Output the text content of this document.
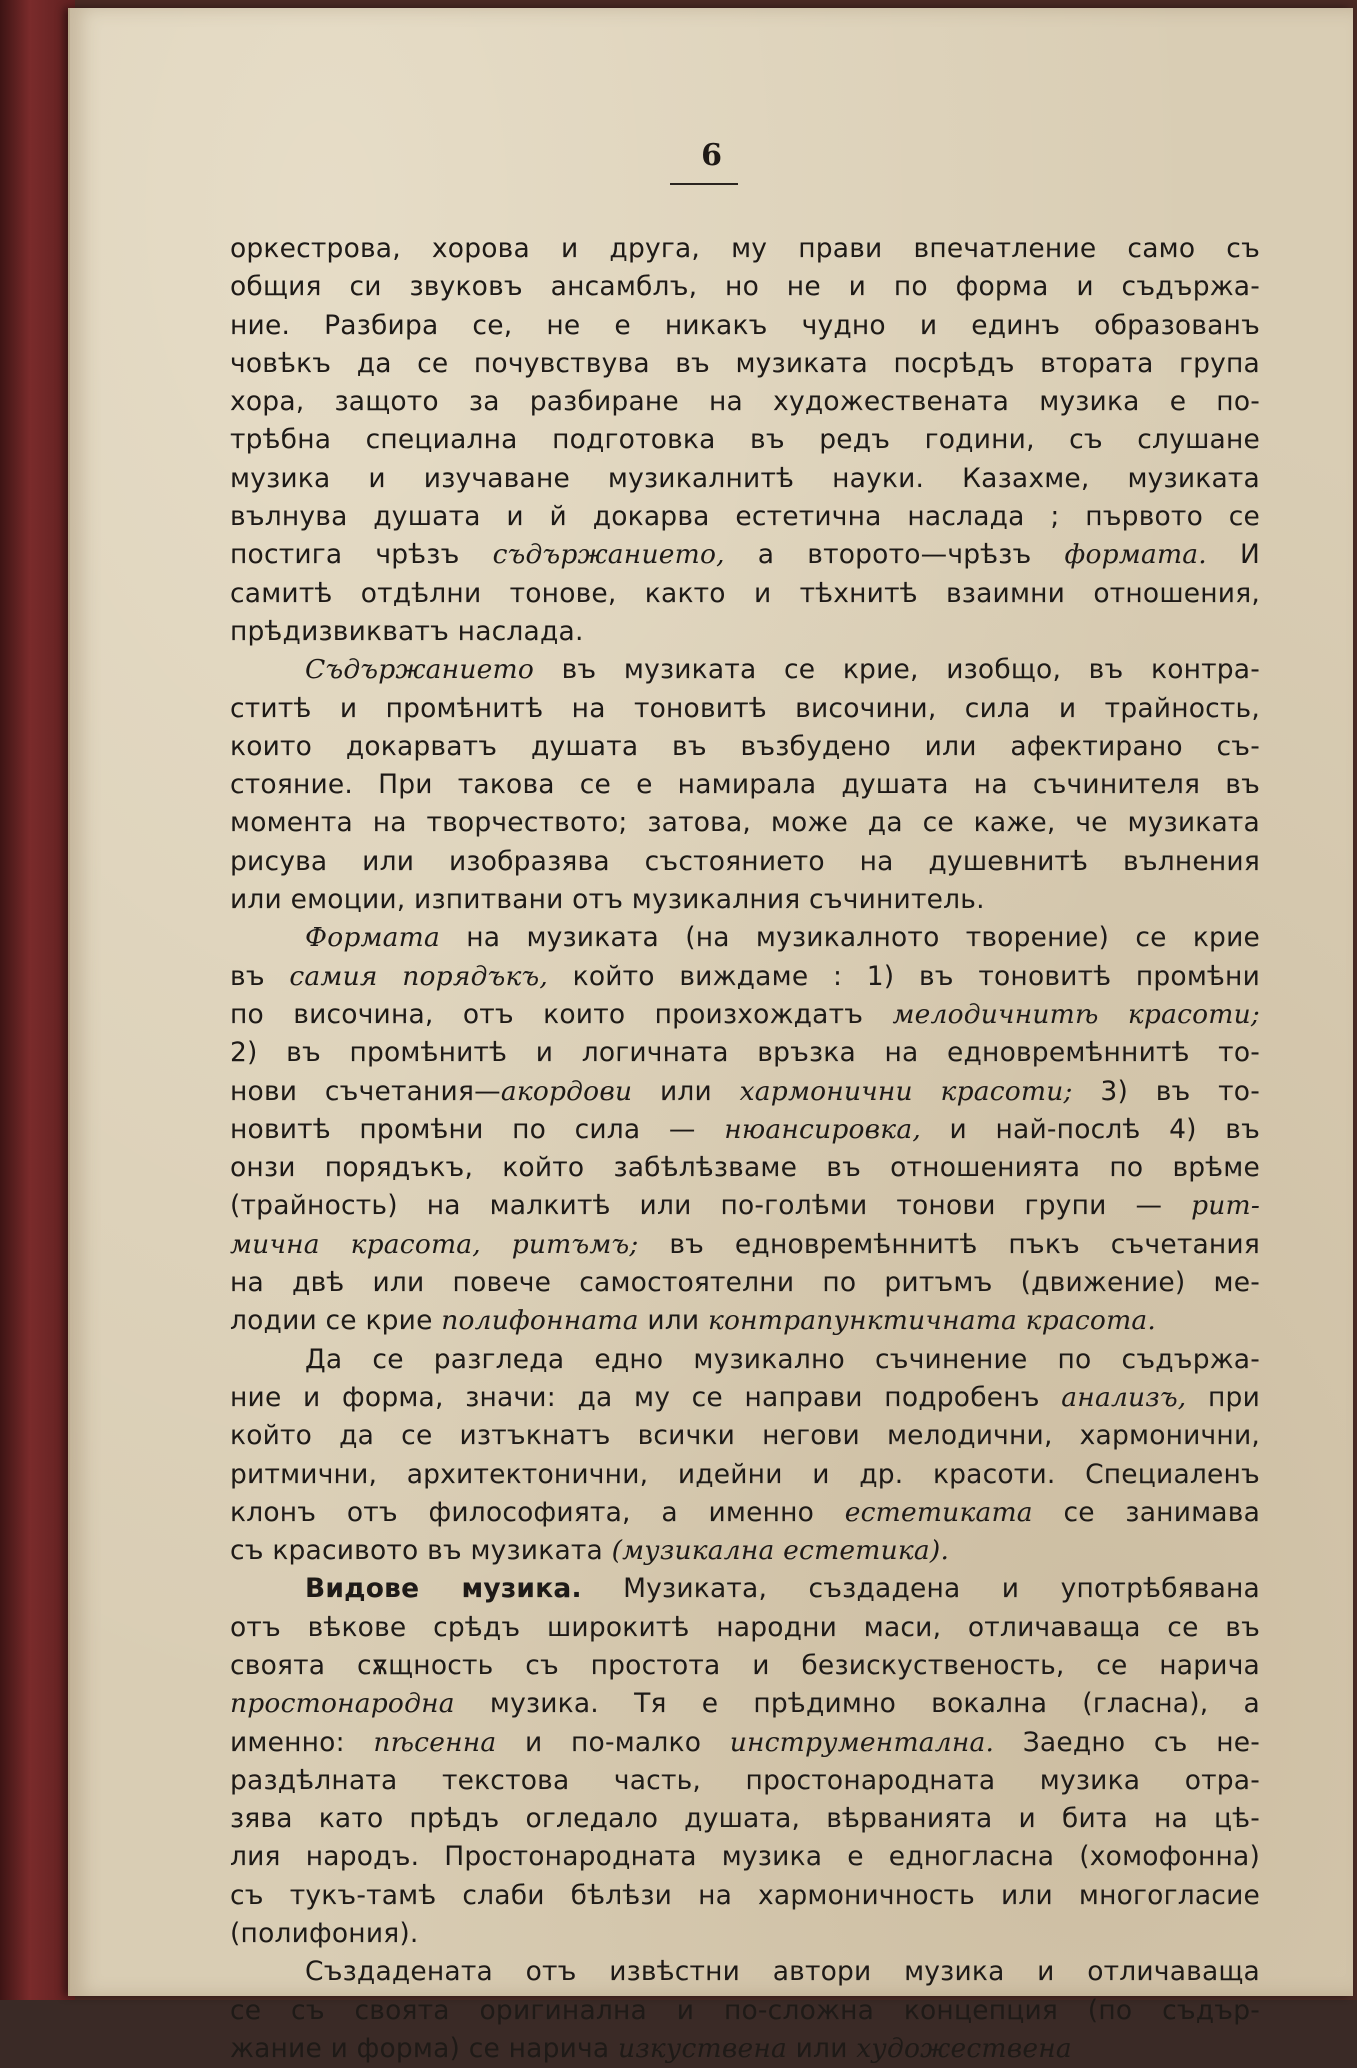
6

оркестрова, хорова и друга, му прави впечатление само съ
общия си звуковъ ансамблъ, но не и по форма и съдържа-
ние. Разбира се, не е никакъ чудно и единъ образованъ
човѣкъ да се почувствува въ музиката посрѣдъ втората група
хора, защото за разбиране на художествената музика е по-
трѣбна специална подготовка въ редъ години, съ слушане
музика и изучаване музикалнитѣ науки. Казахме, музиката
вълнува душата и й докарва естетична наслада ; първото се
постига чрѣзъ съдържанието, а второто—чрѣзъ формата. И
самитѣ отдѣлни тонове, както и тѣхнитѣ взаимни отношения,
прѣдизвикватъ наслада.

Съдържанието въ музиката се крие, изобщо, въ контра-
ститѣ и промѣнитѣ на тоновитѣ височини, сила и трайность,
които докарватъ душата въ възбудено или афектирано съ-
стояние. При такова се е намирала душата на съчинителя въ
момента на творчеството; затова, може да се каже, че музиката
рисува или изобразява състоянието на душевнитѣ вълнения
или емоции, изпитвани отъ музикалния съчинитель.

Формата на музиката (на музикалното творение) се крие
въ самия порядъкъ, който виждаме : 1) въ тоновитѣ промѣни
по височина, отъ които произхождатъ мелодичнитѣ красоти;
2) въ промѣнитѣ и логичната връзка на едновремѣннитѣ то-
нови съчетания—акордови или хармонични красоти; 3) въ то-
новитѣ промѣни по сила — нюансировка, и най-послѣ 4) въ
онзи порядъкъ, който забѣлѣзваме въ отношенията по врѣме
(трайность) на малкитѣ или по-голѣми тонови групи — рит-
мична красота, ритъмъ; въ едновремѣннитѣ пъкъ съчетания
на двѣ или повече самостоятелни по ритъмъ (движение) ме-
лодии се крие полифонната или контрапунктичната красота.

Да се разгледа едно музикално съчинение по съдържа-
ние и форма, значи: да му се направи подробенъ анализъ, при
който да се изтъкнатъ всички негови мелодични, хармонични,
ритмични, архитектонични, идейни и др. красоти. Специаленъ
клонъ отъ философията, а именно естетиката се занимава
съ красивото въ музиката (музикална естетика).

Видове музика. Музиката, създадена и употрѣбявана
отъ вѣкове срѣдъ широкитѣ народни маси, отличаваща се въ
своята сѫщность съ простота и безискуственость, се нарича
простонародна музика. Тя е прѣдимно вокална (гласна), а
именно: пѣсенна и по-малко инструментална. Заедно съ не-
раздѣлната текстова часть, простонародната музика отра-
зява като прѣдъ огледало душата, вѣрванията и бита на цѣ-
лия народъ. Простонародната музика е едногласна (хомофонна)
съ тукъ-тамѣ слаби бѣлѣзи на хармоничность или многогласие
(полифония).

Създадената отъ извѣстни автори музика и отличаваща
се съ своята оригинална и по-сложна концепция (по съдър-
жание и форма) се нарича изкуствена или художествена
